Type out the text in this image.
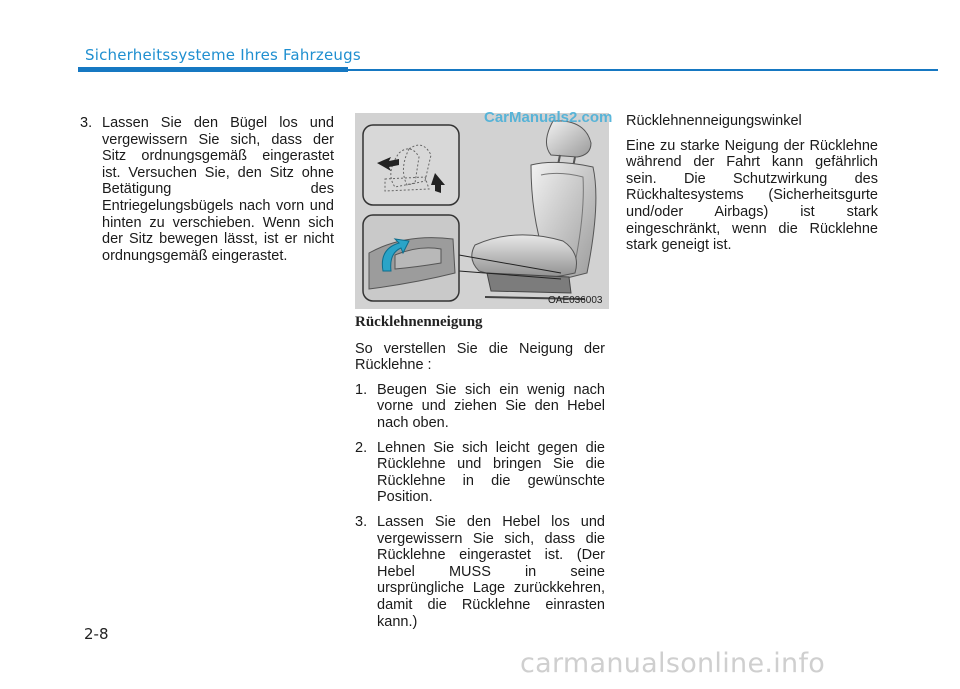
Sicherheitssysteme Ihres Fahrzeugs
3. Lassen Sie den Bügel los und vergewissern Sie sich, dass der Sitz ordnungsgemäß eingerastet ist. Versuchen Sie, den Sitz ohne Betätigung des Entriegelungsbügels nach vorn und hinten zu verschieben. Wenn sich der Sitz bewegen lässt, ist er nicht ordnungsgemäß eingerastet.
CarManuals2.com
OAE036003
Rücklehnenneigung
So verstellen Sie die Neigung der Rücklehne :
1. Beugen Sie sich ein wenig nach vorne und ziehen Sie den Hebel nach oben.
2. Lehnen Sie sich leicht gegen die Rücklehne und bringen Sie die Rücklehne in die gewünschte Position.
3. Lassen Sie den Hebel los und vergewissern Sie sich, dass die Rücklehne eingerastet ist. (Der Hebel MUSS in seine ursprüngliche Lage zurückkehren, damit die Rücklehne einrasten kann.)
Rücklehnenneigungswinkel
Eine zu starke Neigung der Rücklehne während der Fahrt kann gefährlich sein. Die Schutzwirkung des Rückhaltesystems (Sicherheitsgurte und/oder Airbags) ist stark eingeschränkt, wenn die Rücklehne stark geneigt ist.
2-8
carmanualsonline.info
